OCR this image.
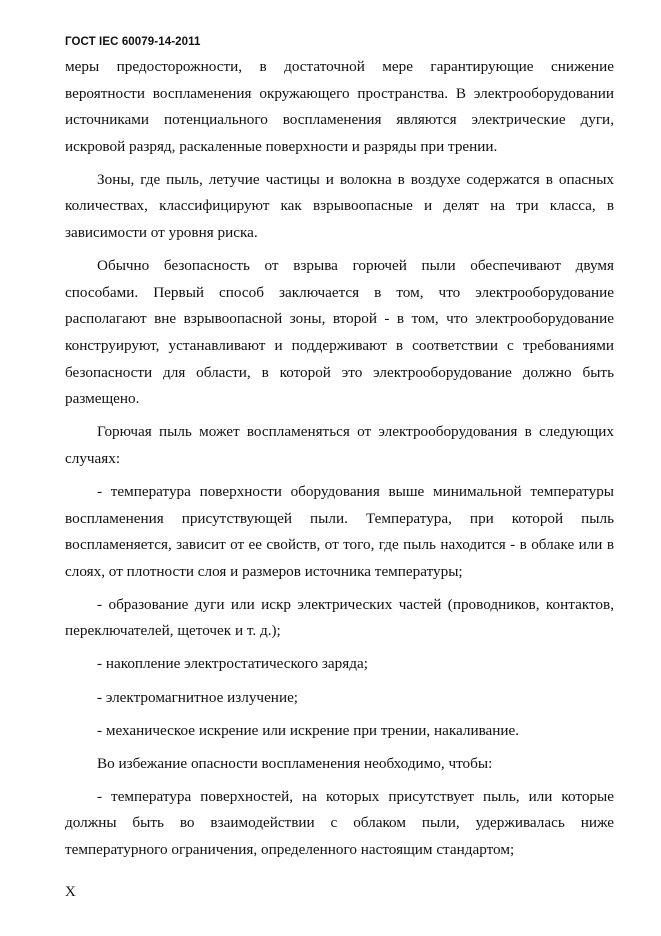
ГОСТ IEC 60079-14-2011

меры предосторожности, в достаточной мере гарантирующие снижение вероятности воспламенения окружающего пространства. В электрооборудовании источниками потенциального воспламенения являются электрические дуги, искровой разряд, раскаленные поверхности и разряды при трении.

Зоны, где пыль, летучие частицы и волокна в воздухе содержатся в опасных количествах, классифицируют как взрывоопасные и делят на три класса, в зависимости от уровня риска.

Обычно безопасность от взрыва горючей пыли обеспечивают двумя способами. Первый способ заключается в том, что электрооборудование располагают вне взрывоопасной зоны, второй - в том, что электрооборудование конструируют, устанавливают и поддерживают в соответствии с требованиями безопасности для области, в которой это электрооборудование должно быть размещено.

Горючая пыль может воспламеняться от электрооборудования в следующих случаях:

- температура поверхности оборудования выше минимальной температуры воспламенения присутствующей пыли. Температура, при которой пыль воспламеняется, зависит от ее свойств, от того, где пыль находится - в облаке или в слоях, от плотности слоя и размеров источника температуры;

- образование дуги или искр электрических частей (проводников, контактов, переключателей, щеточек и т. д.);

- накопление электростатического заряда;

- электромагнитное излучение;

- механическое искрение или искрение при трении, накаливание.

Во избежание опасности воспламенения необходимо, чтобы:

- температура поверхностей, на которых присутствует пыль, или которые должны быть во взаимодействии с облаком пыли, удерживалась ниже температурного ограничения, определенного настоящим стандартом;

X
